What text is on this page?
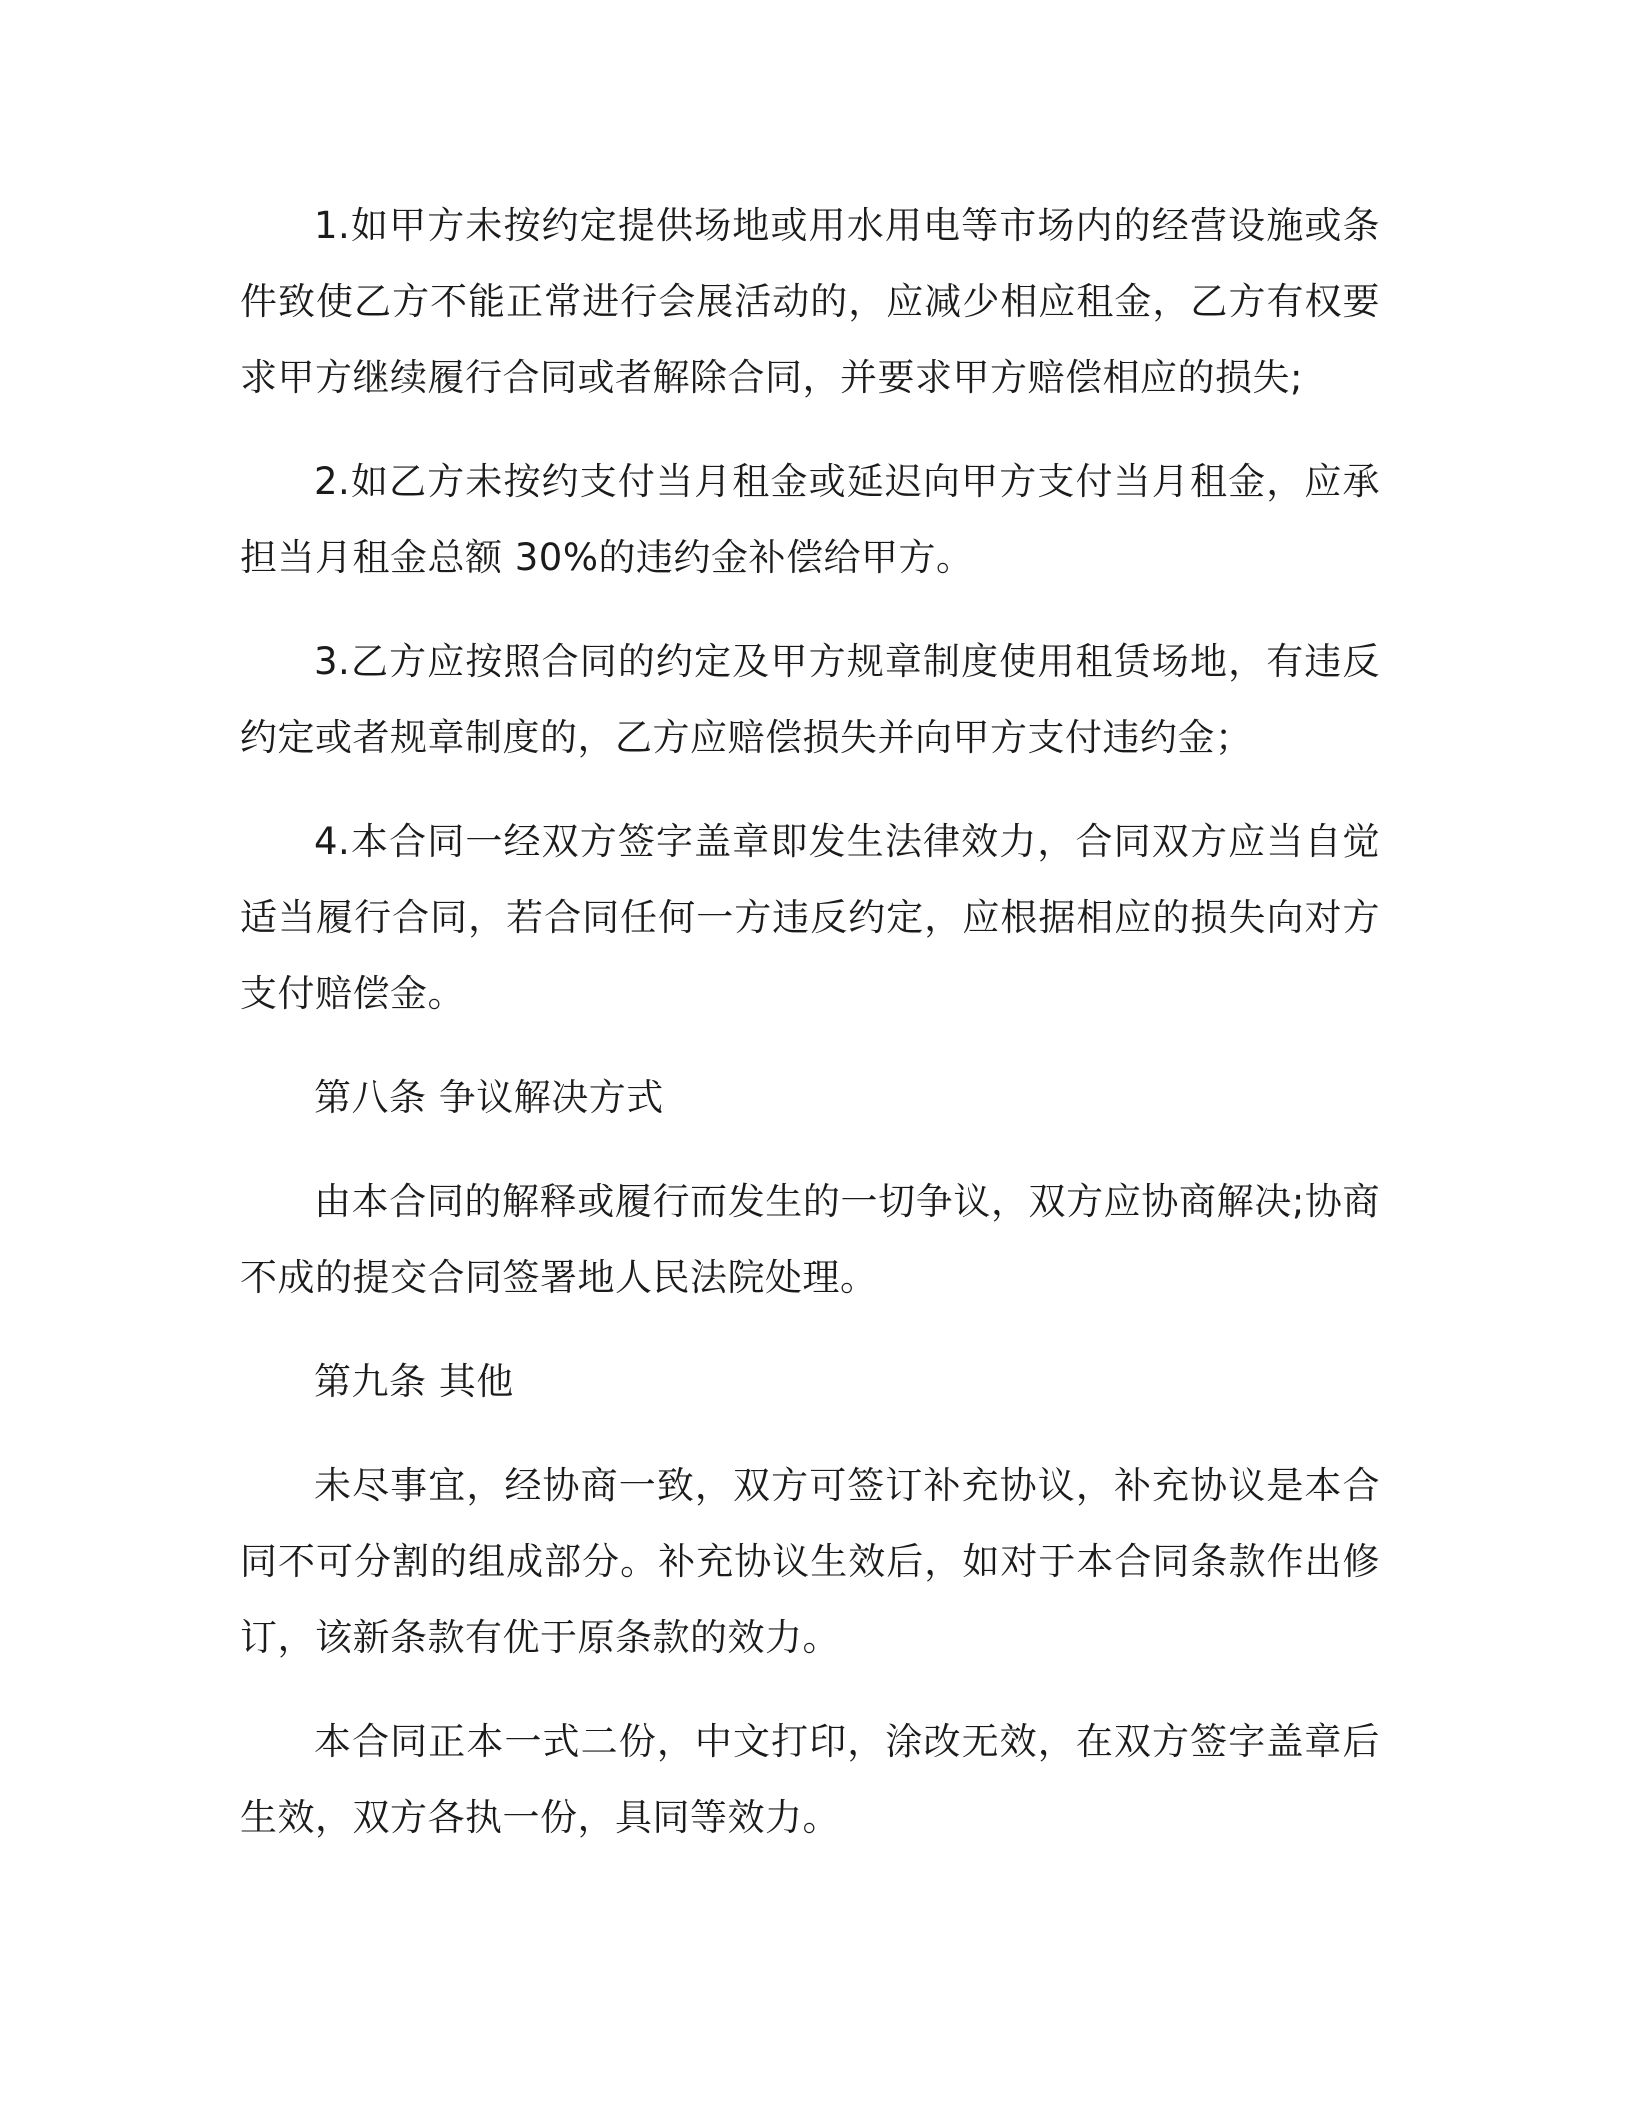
1.如甲方未按约定提供场地或用水用电等市场内的经营设施或条件致使乙方不能正常进行会展活动的，应减少相应租金，乙方有权要求甲方继续履行合同或者解除合同，并要求甲方赔偿相应的损失;

2.如乙方未按约支付当月租金或延迟向甲方支付当月租金，应承担当月租金总额 30%的违约金补偿给甲方。

3.乙方应按照合同的约定及甲方规章制度使用租赁场地，有违反约定或者规章制度的，乙方应赔偿损失并向甲方支付违约金；

4.本合同一经双方签字盖章即发生法律效力，合同双方应当自觉适当履行合同，若合同任何一方违反约定，应根据相应的损失向对方支付赔偿金。

第八条 争议解决方式

由本合同的解释或履行而发生的一切争议，双方应协商解决;协商不成的提交合同签署地人民法院处理。

第九条 其他

未尽事宜，经协商一致，双方可签订补充协议，补充协议是本合同不可分割的组成部分。补充协议生效后，如对于本合同条款作出修订，该新条款有优于原条款的效力。

本合同正本一式二份，中文打印，涂改无效，在双方签字盖章后生效，双方各执一份，具同等效力。
